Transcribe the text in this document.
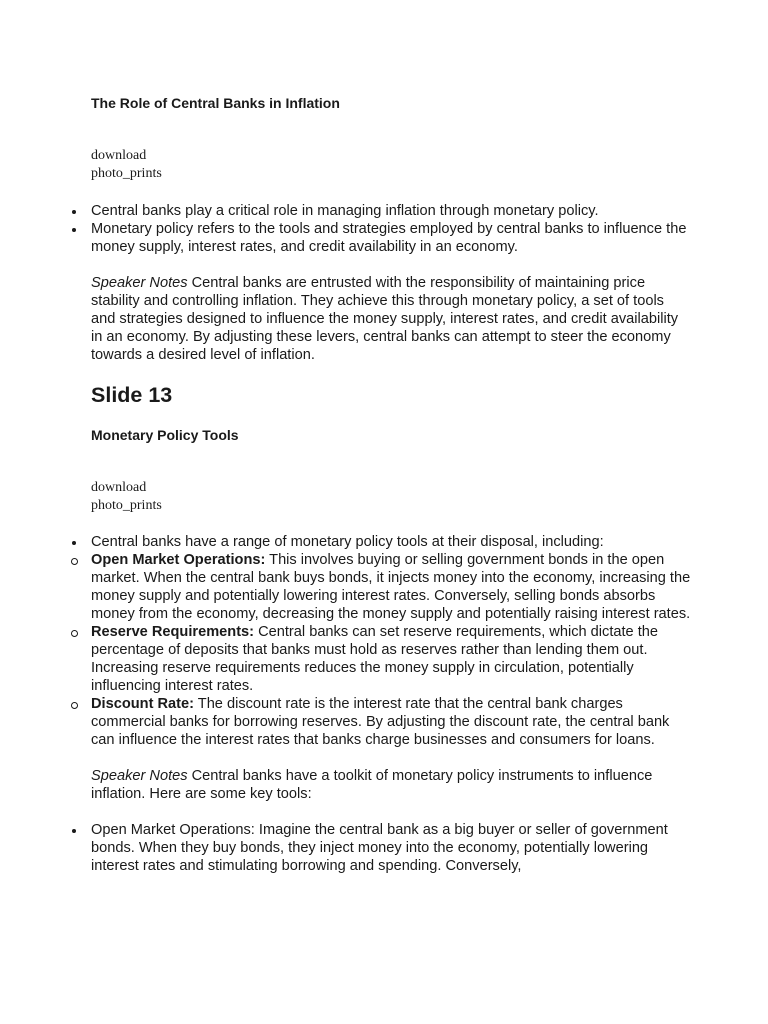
The Role of Central Banks in Inflation
download
photo_prints
Central banks play a critical role in managing inflation through monetary policy.
Monetary policy refers to the tools and strategies employed by central banks to influence the money supply, interest rates, and credit availability in an economy.

Speaker Notes Central banks are entrusted with the responsibility of maintaining price stability and controlling inflation. They achieve this through monetary policy, a set of tools and strategies designed to influence the money supply, interest rates, and credit availability in an economy. By adjusting these levers, central banks can attempt to steer the economy towards a desired level of inflation.

Slide 13
Monetary Policy Tools
download
photo_prints
Central banks have a range of monetary policy tools at their disposal, including:
Open Market Operations: This involves buying or selling government bonds in the open market. When the central bank buys bonds, it injects money into the economy, increasing the money supply and potentially lowering interest rates. Conversely, selling bonds absorbs money from the economy, decreasing the money supply and potentially raising interest rates.
Reserve Requirements: Central banks can set reserve requirements, which dictate the percentage of deposits that banks must hold as reserves rather than lending them out. Increasing reserve requirements reduces the money supply in circulation, potentially influencing interest rates.
Discount Rate: The discount rate is the interest rate that the central bank charges commercial banks for borrowing reserves. By adjusting the discount rate, the central bank can influence the interest rates that banks charge businesses and consumers for loans.

Speaker Notes Central banks have a toolkit of monetary policy instruments to influence inflation. Here are some key tools:

Open Market Operations: Imagine the central bank as a big buyer or seller of government bonds. When they buy bonds, they inject money into the economy, potentially lowering interest rates and stimulating borrowing and spending. Conversely,
